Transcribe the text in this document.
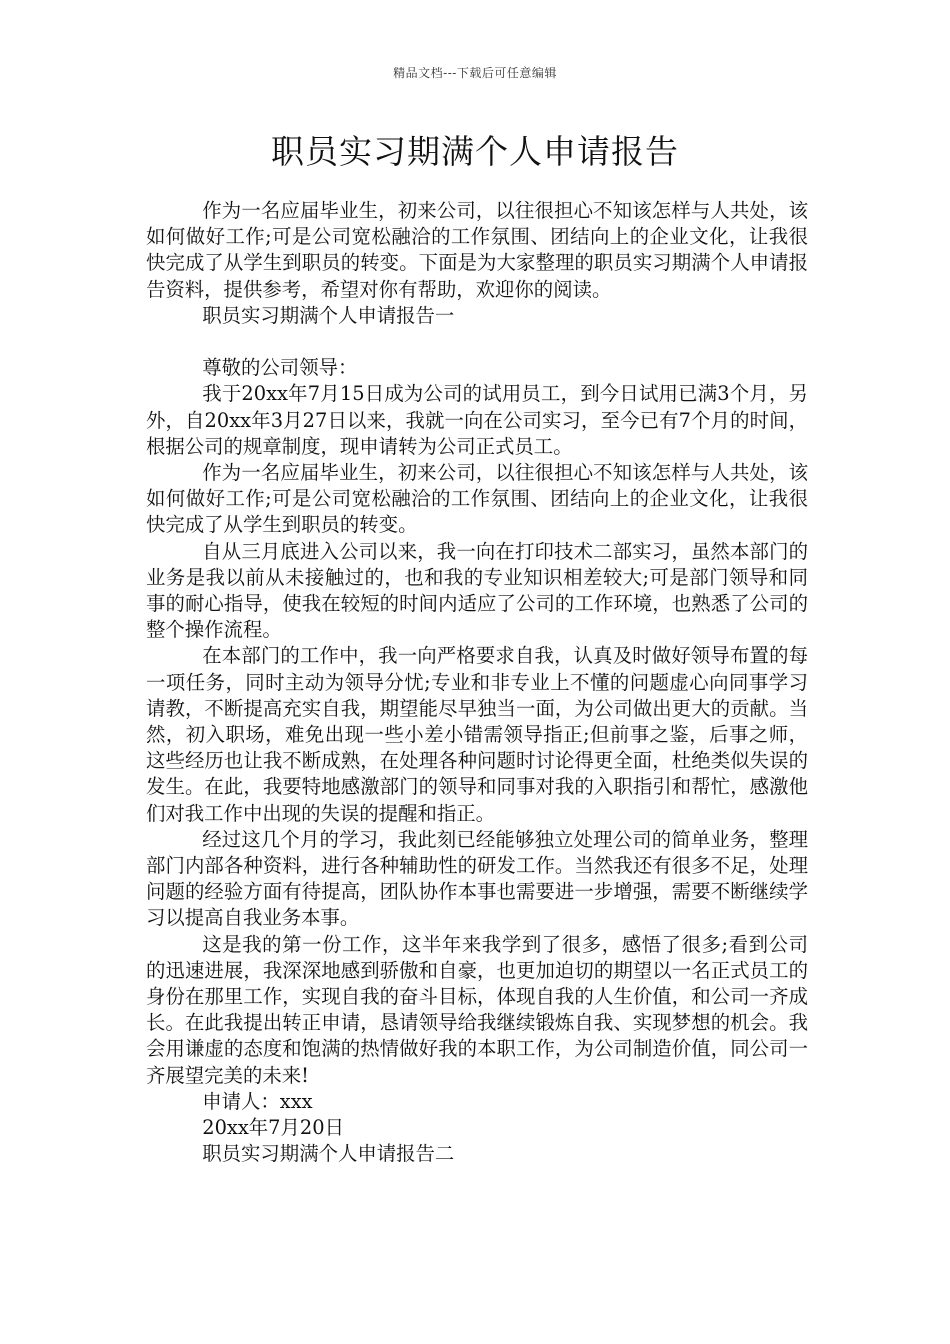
精品文档---下载后可任意编辑
职员实习期满个人申请报告

作为一名应届毕业生，初来公司，以往很担心不知该怎样与人共处，该如何做好工作;可是公司宽松融洽的工作氛围、团结向上的企业文化，让我很快完成了从学生到职员的转变。下面是为大家整理的职员实习期满个人申请报告资料，提供参考，希望对你有帮助，欢迎你的阅读。

职员实习期满个人申请报告一

尊敬的公司领导：

我于20xx年7月15日成为公司的试用员工，到今日试用已满3个月，另外，自20xx年3月27日以来，我就一向在公司实习，至今已有7个月的时间，根据公司的规章制度，现申请转为公司正式员工。

作为一名应届毕业生，初来公司，以往很担心不知该怎样与人共处，该如何做好工作;可是公司宽松融洽的工作氛围、团结向上的企业文化，让我很快完成了从学生到职员的转变。

自从三月底进入公司以来，我一向在打印技术二部实习，虽然本部门的业务是我以前从未接触过的，也和我的专业知识相差较大;可是部门领导和同事的耐心指导，使我在较短的时间内适应了公司的工作环境，也熟悉了公司的整个操作流程。

在本部门的工作中，我一向严格要求自我，认真及时做好领导布置的每一项任务，同时主动为领导分忧;专业和非专业上不懂的问题虚心向同事学习请教，不断提高充实自我，期望能尽早独当一面，为公司做出更大的贡献。当然，初入职场，难免出现一些小差小错需领导指正;但前事之鉴，后事之师，这些经历也让我不断成熟，在处理各种问题时讨论得更全面，杜绝类似失误的发生。在此，我要特地感激部门的领导和同事对我的入职指引和帮忙，感激他们对我工作中出现的失误的提醒和指正。

经过这几个月的学习，我此刻已经能够独立处理公司的简单业务，整理部门内部各种资料，进行各种辅助性的研发工作。当然我还有很多不足，处理问题的经验方面有待提高，团队协作本事也需要进一步增强，需要不断继续学习以提高自我业务本事。

这是我的第一份工作，这半年来我学到了很多，感悟了很多;看到公司的迅速进展，我深深地感到骄傲和自豪，也更加迫切的期望以一名正式员工的身份在那里工作，实现自我的奋斗目标，体现自我的人生价值，和公司一齐成长。在此我提出转正申请，恳请领导给我继续锻炼自我、实现梦想的机会。我会用谦虚的态度和饱满的热情做好我的本职工作，为公司制造价值，同公司一齐展望完美的未来!

申请人：xxx

20xx年7月20日

职员实习期满个人申请报告二
